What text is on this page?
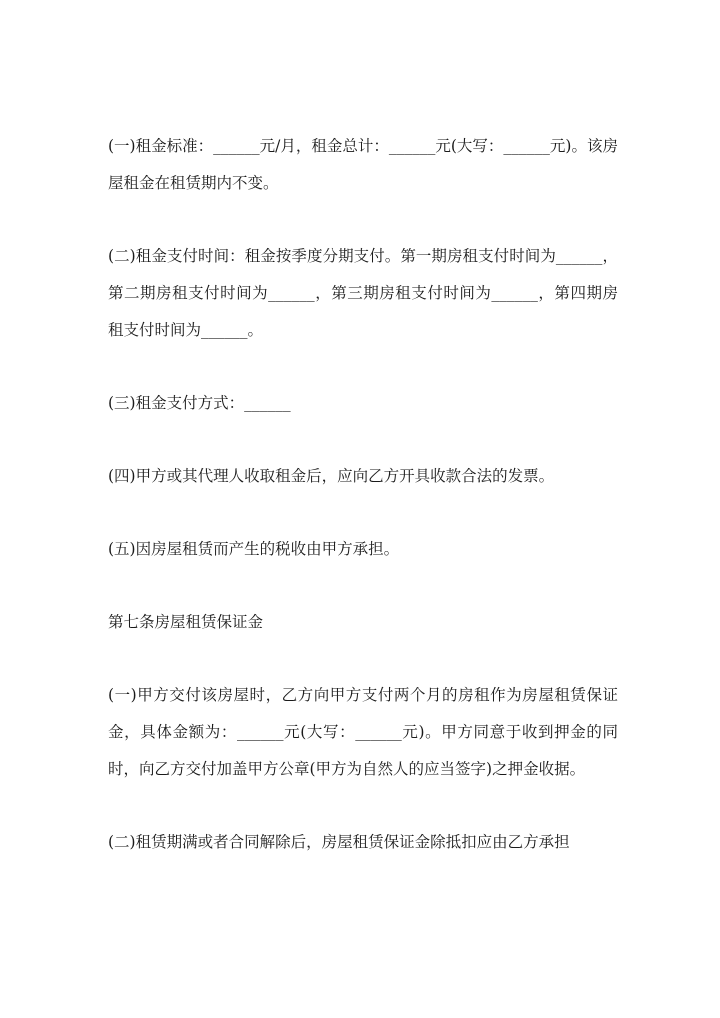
(一)租金标准：______元/月，租金总计：______元(大写：______元)。该房屋租金在租赁期内不变。

(二)租金支付时间：租金按季度分期支付。第一期房租支付时间为______，第二期房租支付时间为______，第三期房租支付时间为______，第四期房租支付时间为______。

(三)租金支付方式：______

(四)甲方或其代理人收取租金后，应向乙方开具收款合法的发票。

(五)因房屋租赁而产生的税收由甲方承担。

第七条房屋租赁保证金

(一)甲方交付该房屋时，乙方向甲方支付两个月的房租作为房屋租赁保证金，具体金额为：______元(大写：______元)。甲方同意于收到押金的同时，向乙方交付加盖甲方公章(甲方为自然人的应当签字)之押金收据。

(二)租赁期满或者合同解除后，房屋租赁保证金除抵扣应由乙方承担
